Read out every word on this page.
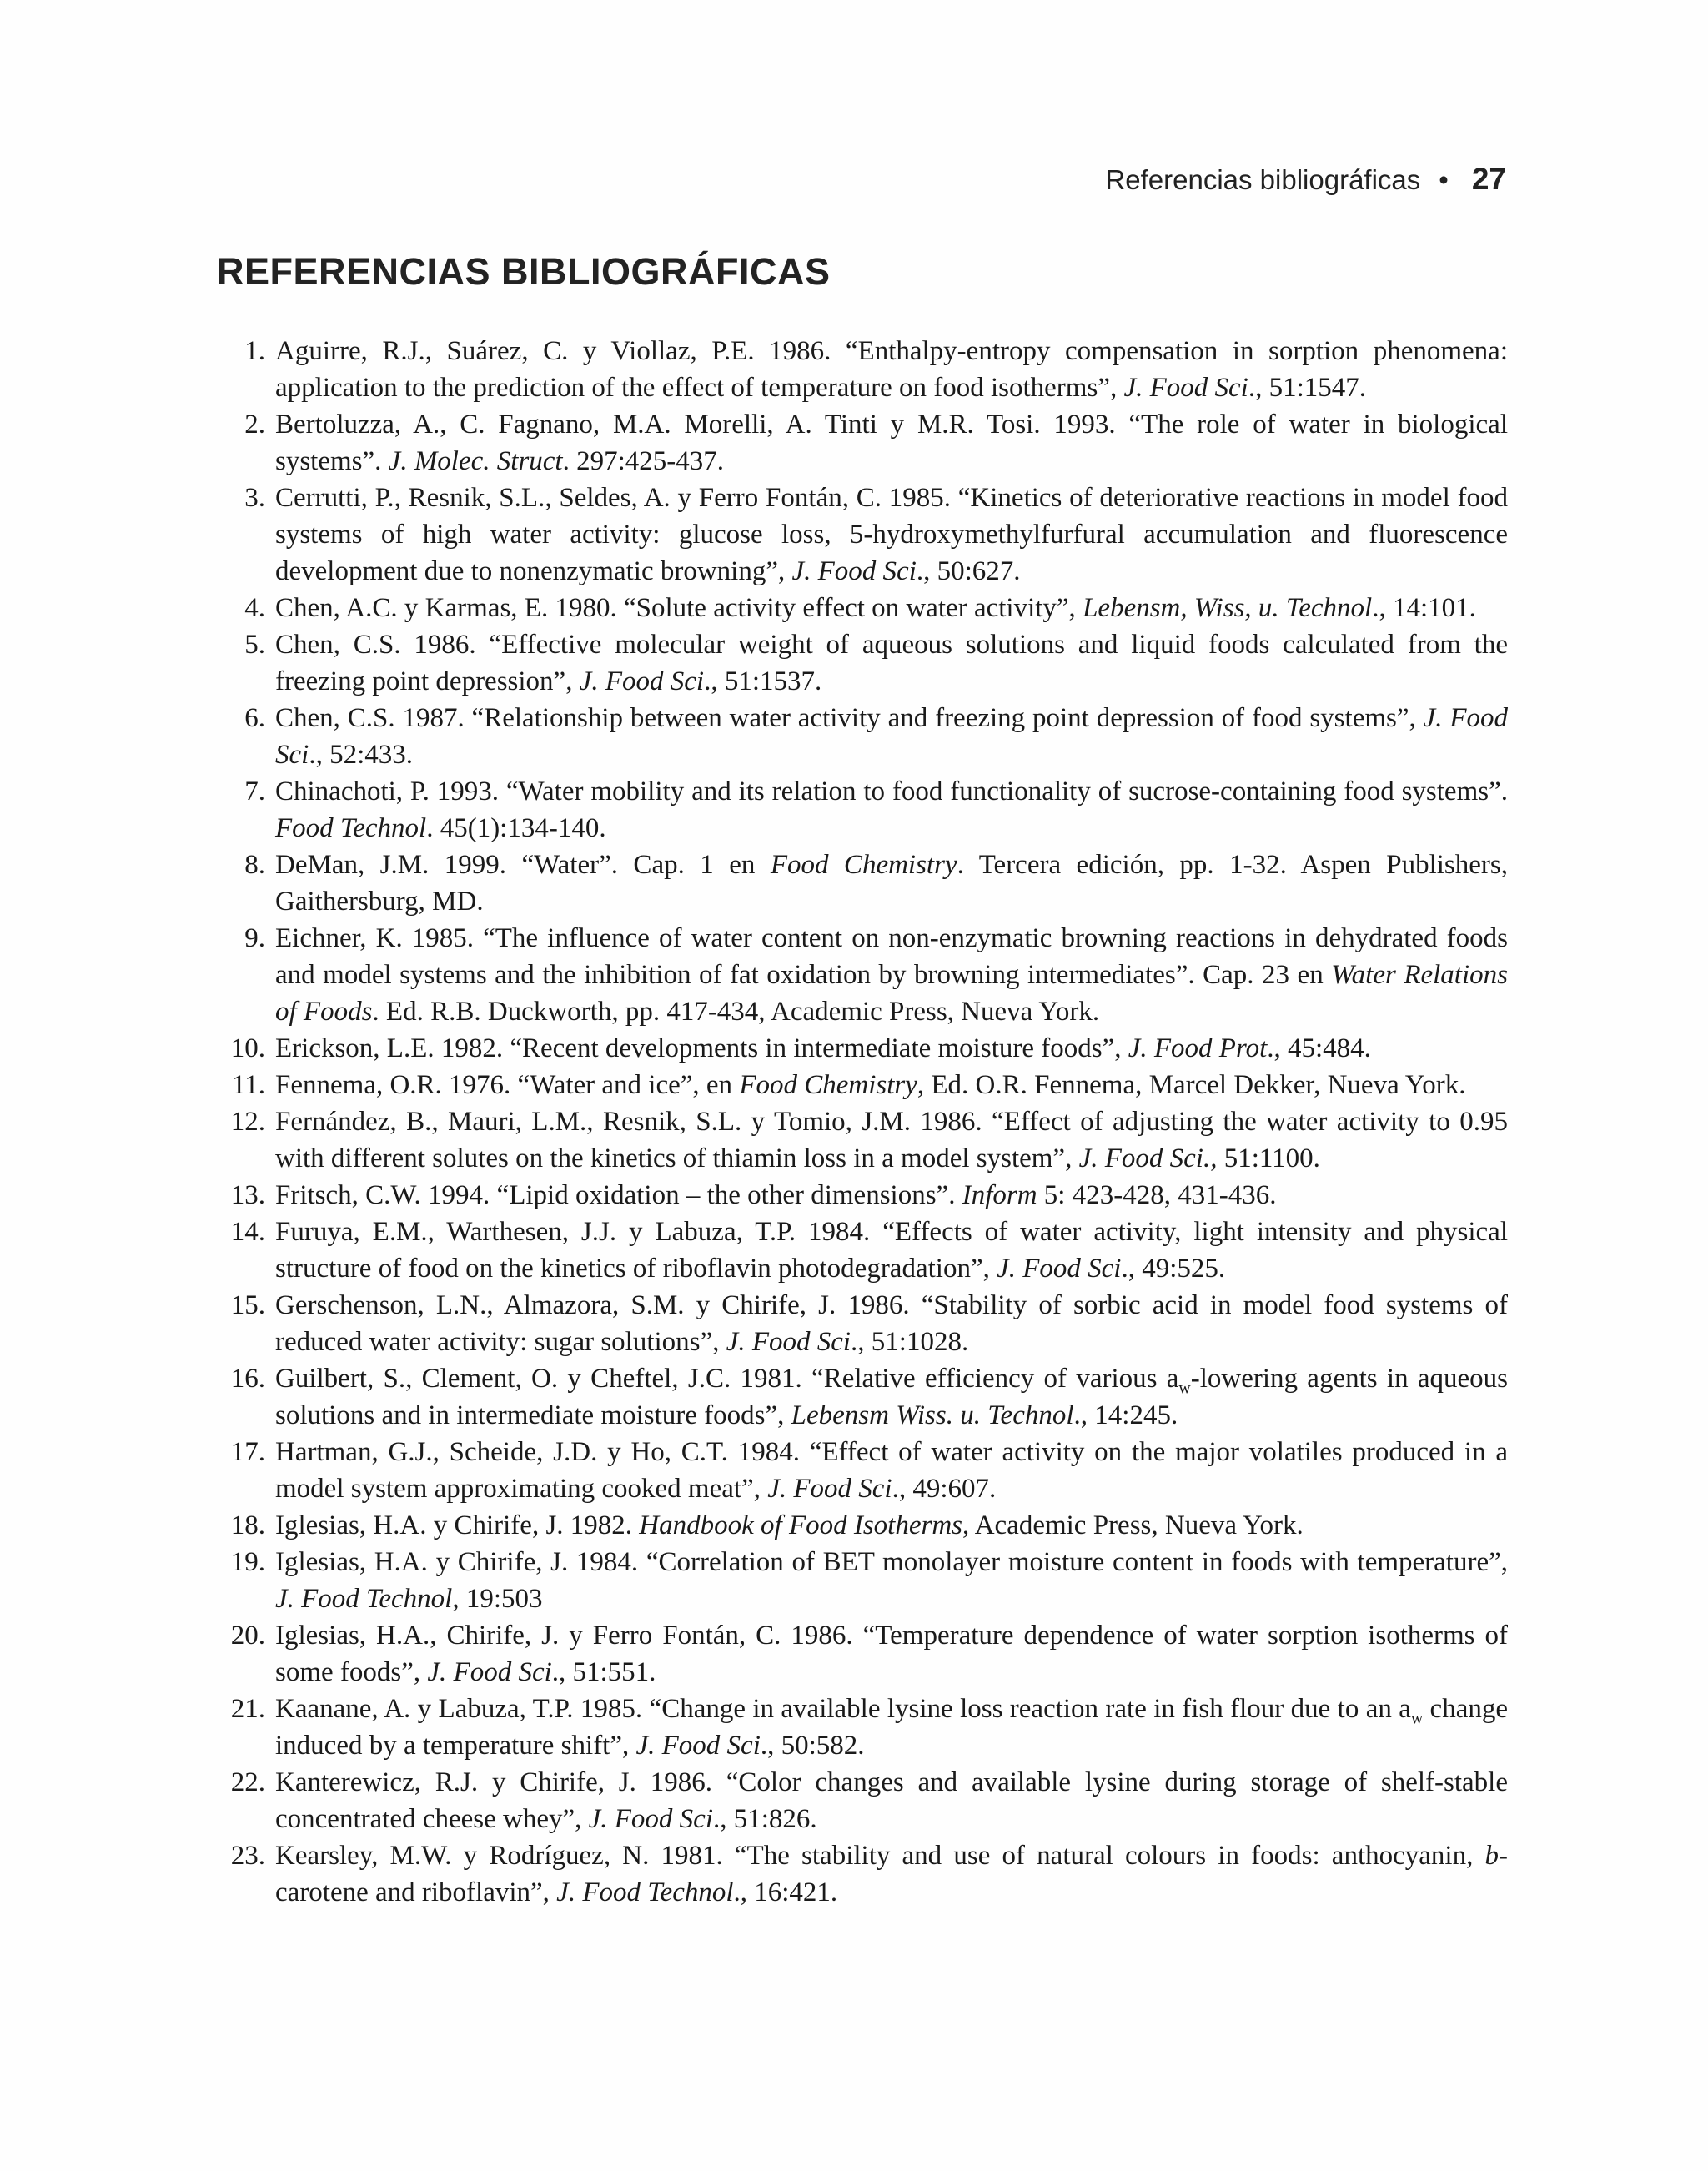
Referencias bibliográficas • 27
REFERENCIAS BIBLIOGRÁFICAS
1. Aguirre, R.J., Suárez, C. y Viollaz, P.E. 1986. “Enthalpy-entropy compensation in sorption phenomena: application to the prediction of the effect of temperature on food isotherms”, J. Food Sci., 51:1547.
2. Bertoluzza, A., C. Fagnano, M.A. Morelli, A. Tinti y M.R. Tosi. 1993. “The role of water in biological systems”. J. Molec. Struct. 297:425-437.
3. Cerrutti, P., Resnik, S.L., Seldes, A. y Ferro Fontán, C. 1985. “Kinetics of deteriorative reactions in model food systems of high water activity: glucose loss, 5-hydroxymethylfurfural accumulation and fluorescence development due to nonenzymatic browning”, J. Food Sci., 50:627.
4. Chen, A.C. y Karmas, E. 1980. “Solute activity effect on water activity”, Lebensm, Wiss, u. Technol., 14:101.
5. Chen, C.S. 1986. “Effective molecular weight of aqueous solutions and liquid foods calculated from the freezing point depression”, J. Food Sci., 51:1537.
6. Chen, C.S. 1987. “Relationship between water activity and freezing point depression of food systems”, J. Food Sci., 52:433.
7. Chinachoti, P. 1993. “Water mobility and its relation to food functionality of sucrose-containing food systems”. Food Technol. 45(1):134-140.
8. DeMan, J.M. 1999. “Water”. Cap. 1 en Food Chemistry. Tercera edición, pp. 1-32. Aspen Publishers, Gaithersburg, MD.
9. Eichner, K. 1985. “The influence of water content on non-enzymatic browning reactions in dehydrated foods and model systems and the inhibition of fat oxidation by browning intermediates”. Cap. 23 en Water Relations of Foods. Ed. R.B. Duckworth, pp. 417-434, Academic Press, Nueva York.
10. Erickson, L.E. 1982. “Recent developments in intermediate moisture foods”, J. Food Prot., 45:484.
11. Fennema, O.R. 1976. “Water and ice”, en Food Chemistry, Ed. O.R. Fennema, Marcel Dekker, Nueva York.
12. Fernández, B., Mauri, L.M., Resnik, S.L. y Tomio, J.M. 1986. “Effect of adjusting the water activity to 0.95 with different solutes on the kinetics of thiamin loss in a model system”, J. Food Sci., 51:1100.
13. Fritsch, C.W. 1994. “Lipid oxidation – the other dimensions”. Inform 5: 423-428, 431-436.
14. Furuya, E.M., Warthesen, J.J. y Labuza, T.P. 1984. “Effects of water activity, light intensity and physical structure of food on the kinetics of riboflavin photodegradation”, J. Food Sci., 49:525.
15. Gerschenson, L.N., Almazora, S.M. y Chirife, J. 1986. “Stability of sorbic acid in model food systems of reduced water activity: sugar solutions”, J. Food Sci., 51:1028.
16. Guilbert, S., Clement, O. y Cheftel, J.C. 1981. “Relative efficiency of various $a_w$-lowering agents in aqueous solutions and in intermediate moisture foods”, Lebensm Wiss. u. Technol., 14:245.
17. Hartman, G.J., Scheide, J.D. y Ho, C.T. 1984. “Effect of water activity on the major volatiles produced in a model system approximating cooked meat”, J. Food Sci., 49:607.
18. Iglesias, H.A. y Chirife, J. 1982. Handbook of Food Isotherms, Academic Press, Nueva York.
19. Iglesias, H.A. y Chirife, J. 1984. “Correlation of BET monolayer moisture content in foods with temperature”, J. Food Technol, 19:503
20. Iglesias, H.A., Chirife, J. y Ferro Fontán, C. 1986. “Temperature dependence of water sorption isotherms of some foods”, J. Food Sci., 51:551.
21. Kaanane, A. y Labuza, T.P. 1985. “Change in available lysine loss reaction rate in fish flour due to an $a_w$ change induced by a temperature shift”, J. Food Sci., 50:582.
22. Kanterewicz, R.J. y Chirife, J. 1986. “Color changes and available lysine during storage of shelf-stable concentrated cheese whey”, J. Food Sci., 51:826.
23. Kearsley, M.W. y Rodríguez, N. 1981. “The stability and use of natural colours in foods: anthocyanin, b-carotene and riboflavin”, J. Food Technol., 16:421.
